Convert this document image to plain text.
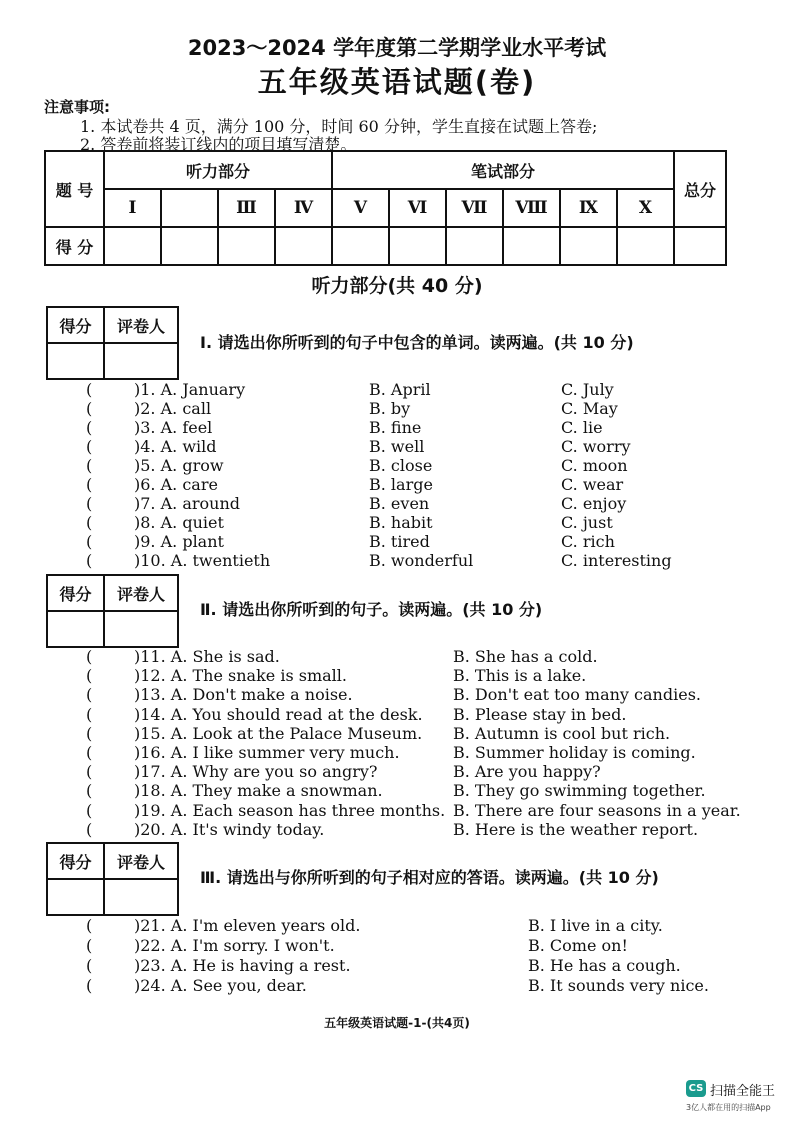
2023～2024 学年度第二学期学业水平考试
五年级英语试题(卷)
注意事项:
1. 本试卷共 4 页，满分 100 分，时间 60 分钟，学生直接在试题上答卷;
2. 答卷前将装订线内的项目填写清楚。
题 号	听力部分				笔试部分						总分
	Ⅰ		Ⅲ	Ⅳ	Ⅴ	Ⅵ	Ⅶ	Ⅷ	Ⅸ	Ⅹ	
得 分											
听力部分(共 40 分)
得分	评卷人

Ⅰ. 请选出你所听到的句子中包含的单词。读两遍。(共 10 分)
(	)1. A. January	B. April	C. July
(	)2. A. call	B. by	C. May
(	)3. A. feel	B. fine	C. lie
(	)4. A. wild	B. well	C. worry
(	)5. A. grow	B. close	C. moon
(	)6. A. care	B. large	C. wear
(	)7. A. around	B. even	C. enjoy
(	)8. A. quiet	B. habit	C. just
(	)9. A. plant	B. tired	C. rich
(	)10. A. twentieth	B. wonderful	C. interesting
得分	评卷人

Ⅱ. 请选出你所听到的句子。读两遍。(共 10 分)
(	)11. A. She is sad.	B. She has a cold.
(	)12. A. The snake is small.	B. This is a lake.
(	)13. A. Don't make a noise.	B. Don't eat too many candies.
(	)14. A. You should read at the desk. B. Please stay in bed.
(	)15. A. Look at the Palace Museum. B. Autumn is cool but rich.
(	)16. A. I like summer very much.	B. Summer holiday is coming.
(	)17. A. Why are you so angry?	B. Are you happy?
(	)18. A. They make a snowman.	B. They go swimming together.
(	)19. A. Each season has three months. B. There are four seasons in a year.
(	)20. A. It's windy today.	B. Here is the weather report.
得分	评卷人

Ⅲ. 请选出与你所听到的句子相对应的答语。读两遍。(共 10 分)
(	)21. A. I'm eleven years old.	B. I live in a city.
(	)22. A. I'm sorry. I won't.	B. Come on!
(	)23. A. He is having a rest.	B. He has a cough.
(	)24. A. See you, dear.	B. It sounds very nice.
五年级英语试题-1-(共4页)
CS 扫描全能王
3亿人都在用的扫描App
